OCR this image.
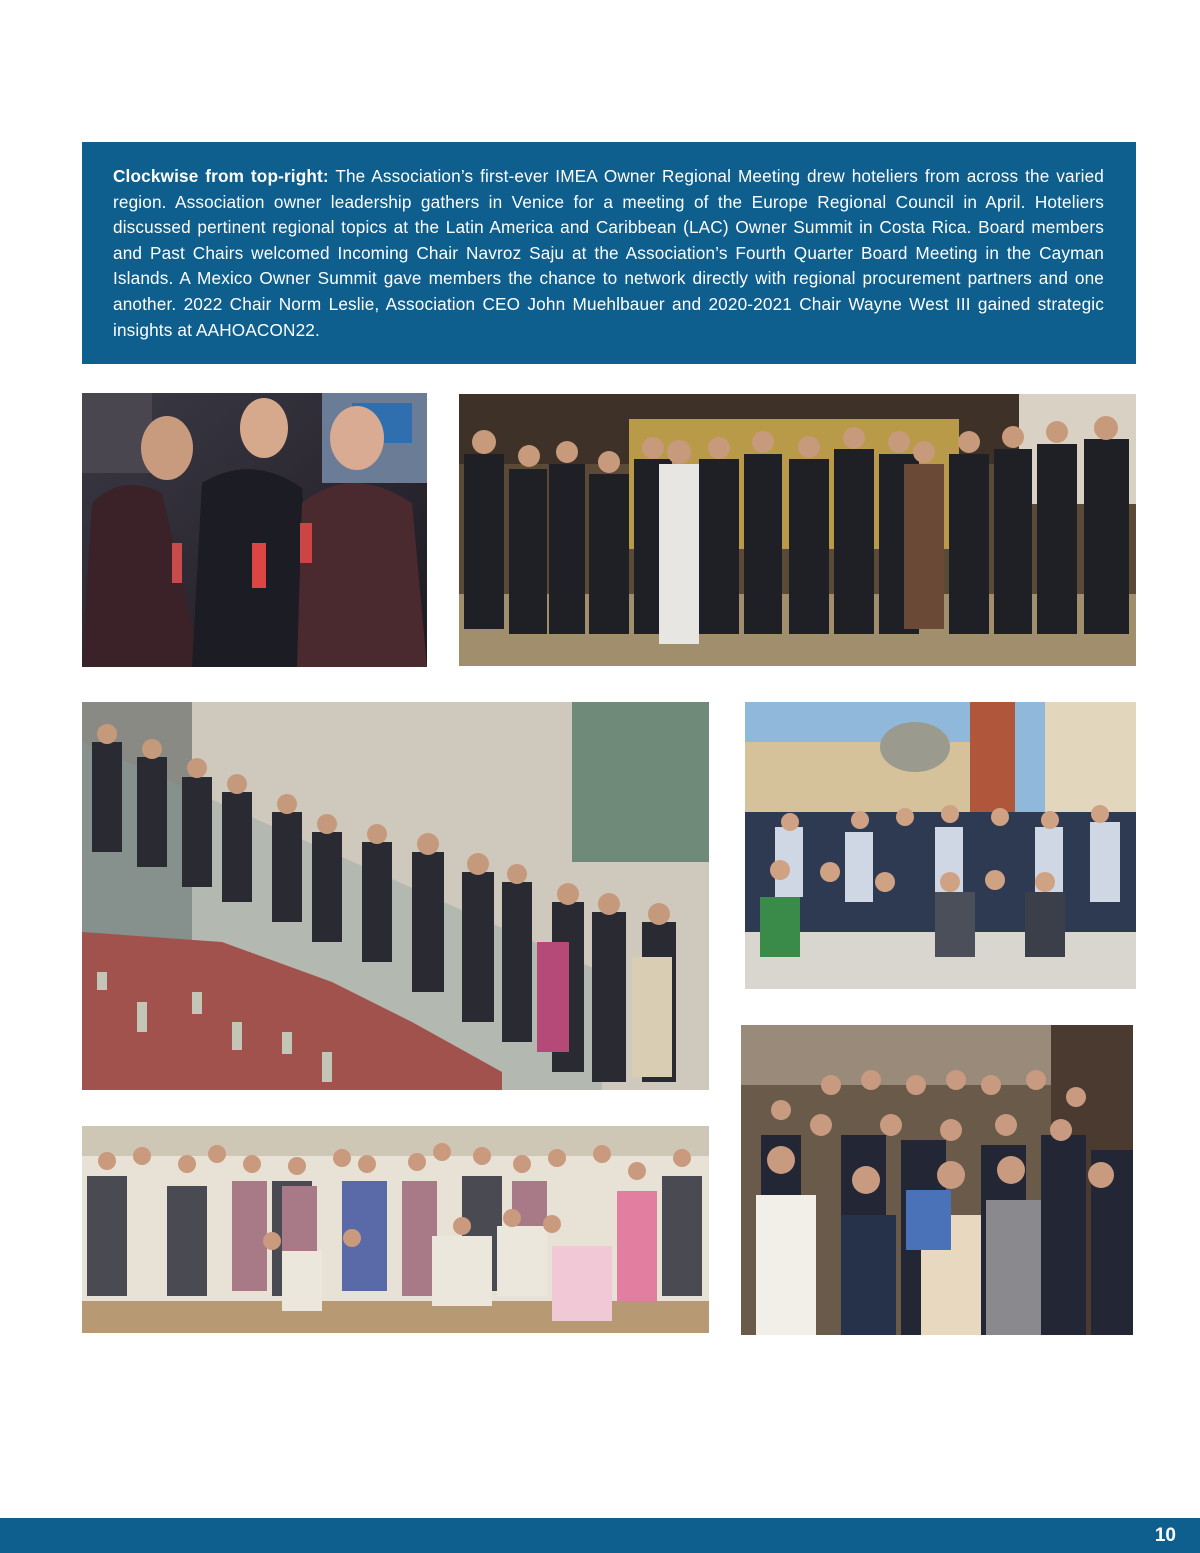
Clockwise from top-right: The Association’s first-ever IMEA Owner Regional Meeting drew hoteliers from across the varied region. Association owner leadership gathers in Venice for a meeting of the Europe Regional Council in April. Hoteliers discussed pertinent regional topics at the Latin America and Caribbean (LAC) Owner Summit in Costa Rica. Board members and Past Chairs welcomed Incoming Chair Navroz Saju at the Association’s Fourth Quarter Board Meeting in the Cayman Islands. A Mexico Owner Summit gave members the chance to network directly with regional procurement partners and one another. 2022 Chair Norm Leslie, Association CEO John Muehlbauer and 2020-2021 Chair Wayne West III gained strategic insights at AAHOACON22.

10
